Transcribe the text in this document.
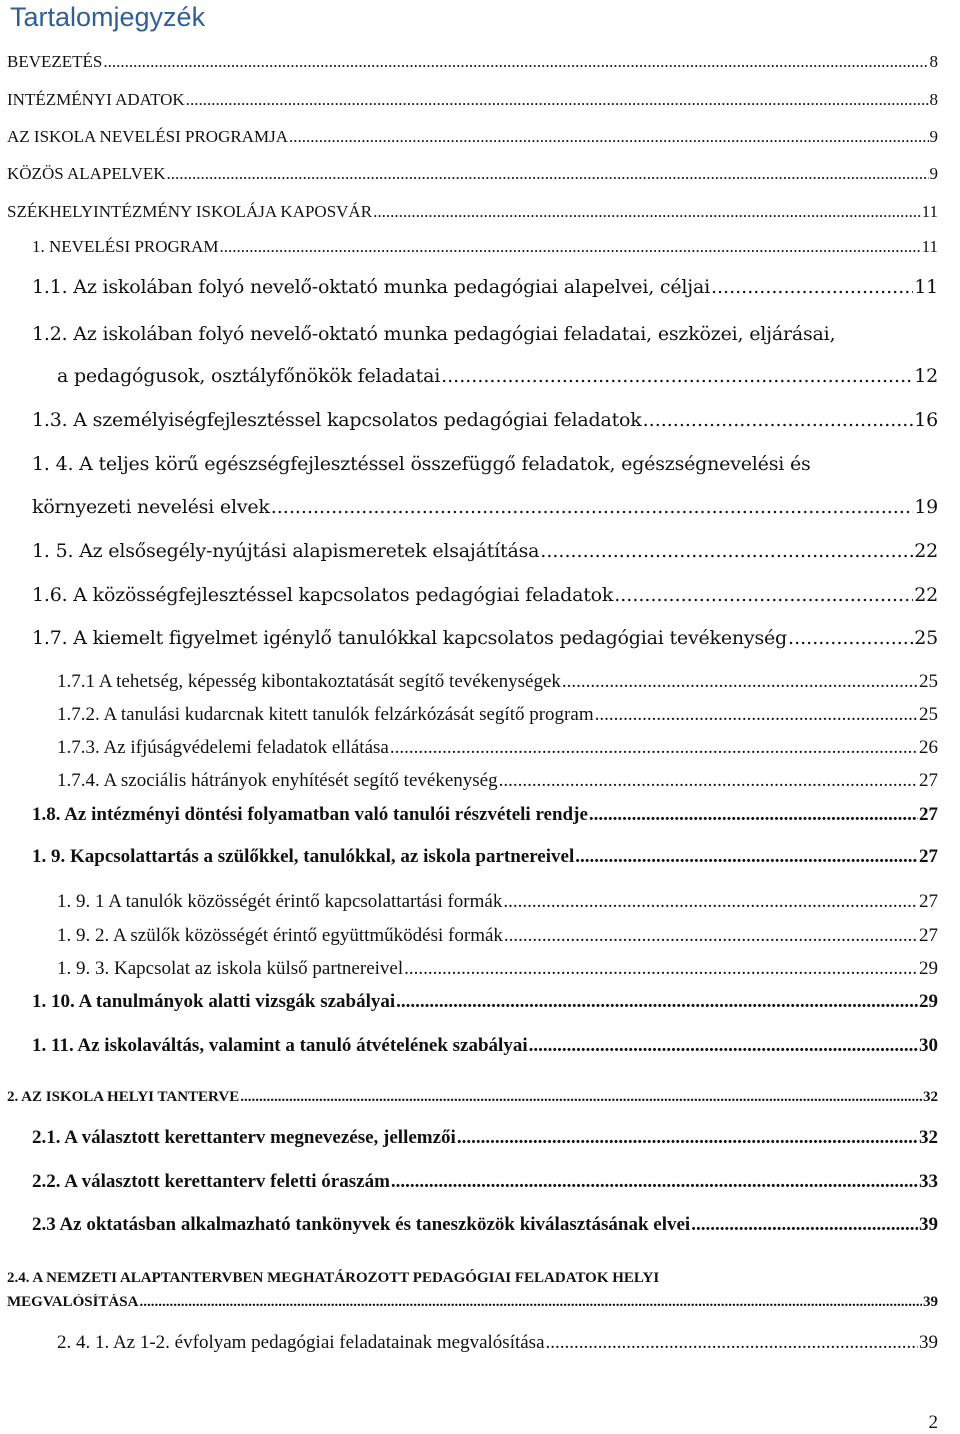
Tartalomjegyzék
BEVEZETÉS .....	8
INTÉZMÉNYI ADATOK .....	8
AZ ISKOLA NEVELÉSI PROGRAMJA .....	9
KÖZÖS ALAPELVEK .....	9
SZÉKHELYINTÉZMÉNY ISKOLÁJA KAPOSVÁR .....	11
1. NEVELÉSI PROGRAM .....	11
1.1. Az iskolában folyó nevelő-oktató munka pedagógiai alapelvei, céljai .....	11
1.2. Az iskolában folyó nevelő-oktató munka pedagógiai feladatai, eszközei, eljárásai,
a pedagógusok, osztályfőnökök feladatai .....	12
1.3. A személyiségfejlesztéssel kapcsolatos pedagógiai feladatok .....	16
1. 4. A teljes körű egészségfejlesztéssel összefüggő feladatok, egészségnevelési és
környezeti nevelési elvek .....	19
1. 5. Az elsősegély-nyújtási alapismeretek elsajátítása .....	22
1.6. A közösségfejlesztéssel kapcsolatos pedagógiai feladatok .....	22
1.7. A kiemelt figyelmet igénylő tanulókkal kapcsolatos pedagógiai tevékenység .....	25
1.7.1 A tehetség, képesség kibontakoztatását segítő tevékenységek .....	25
1.7.2. A tanulási kudarcnak kitett tanulók felzárkózását segítő program .....	25
1.7.3. Az ifjúságvédelemi feladatok ellátása .....	26
1.7.4. A szociális hátrányok enyhítését segítő tevékenység .....	27
1.8. Az intézményi döntési folyamatban való tanulói részvételi rendje .....	27
1. 9. Kapcsolattartás a szülőkkel, tanulókkal, az iskola partnereivel .....	27
1. 9. 1 A tanulók közösségét érintő kapcsolattartási formák .....	27
1. 9. 2. A szülők közösségét érintő együttműködési formák .....	27
1. 9. 3. Kapcsolat az iskola külső partnereivel .....	29
1. 10. A tanulmányok alatti vizsgák szabályai .....	29
1. 11. Az iskolaváltás, valamint a tanuló átvételének szabályai .....	30
2. AZ ISKOLA HELYI TANTERVE .....	32
2.1. A választott kerettanterv megnevezése, jellemzői .....	32
2.2. A választott kerettanterv feletti óraszám .....	33
2.3 Az oktatásban alkalmazható tankönyvek és taneszközök kiválasztásának elvei .....	39
2.4. A NEMZETI ALAPTANTERVBEN MEGHATÁROZOTT PEDAGÓGIAI FELADATOK HELYI
MEGVALÓSÍTÁSA .....	39
2. 4. 1. Az 1-2. évfolyam pedagógiai feladatainak megvalósítása .....	39
2
